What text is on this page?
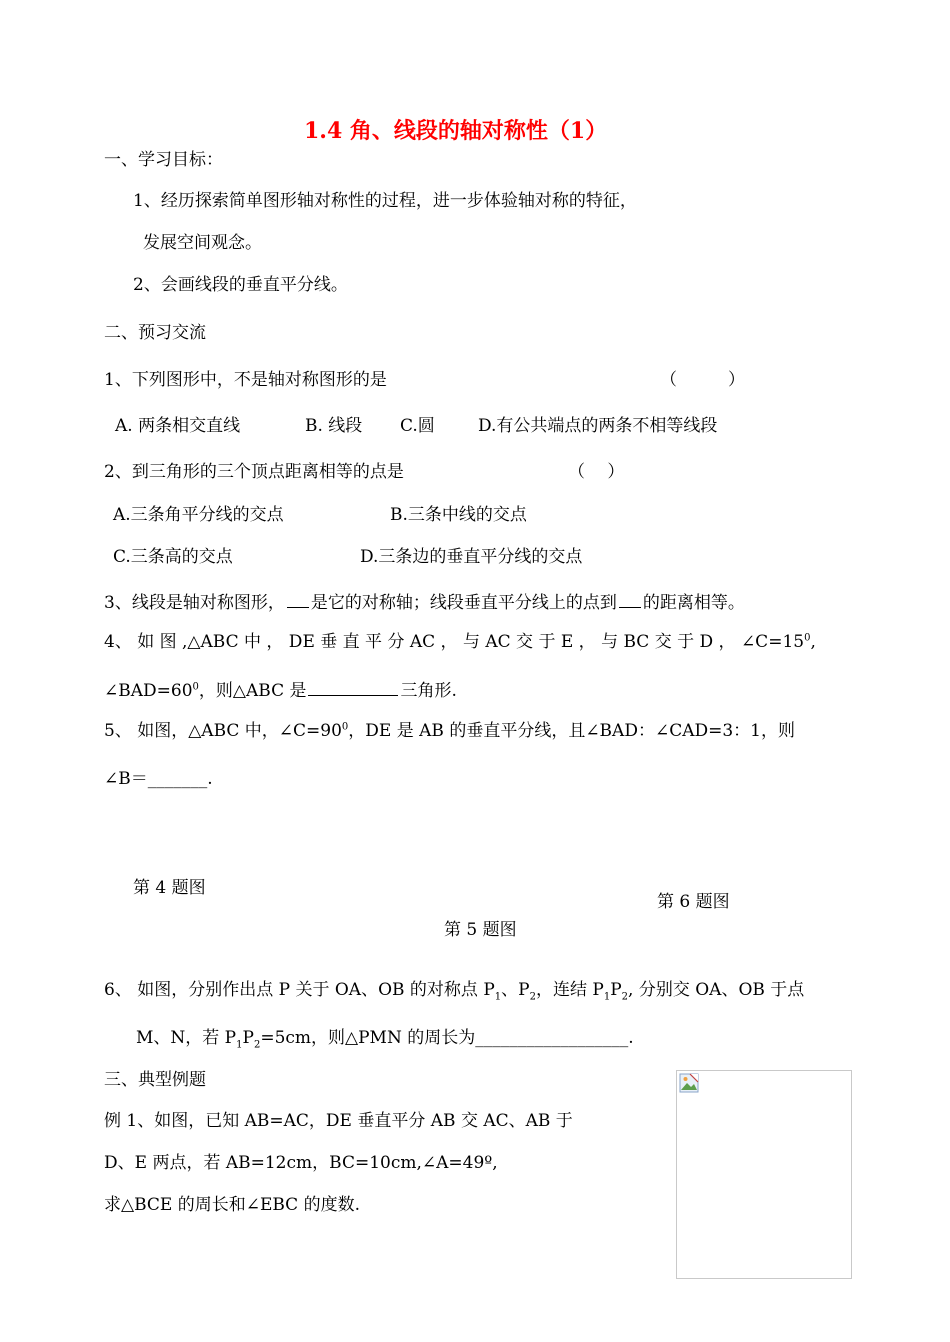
1.4 角、线段的轴对称性（1）
一、学习目标：
1、经历探索简单图形轴对称性的过程，进一步体验轴对称的特征，
发展空间观念。
2、会画线段的垂直平分线。
二、预习交流
1、下列图形中，不是轴对称图形的是	（　　　）
A. 两条相交直线	B. 线段 C.圆	D.有公共端点的两条不相等线段
2、到三角形的三个顶点距离相等的点是	（　 ）
A.三条角平分线的交点	B.三条中线的交点
C.三条高的交点	D.三条边的垂直平分线的交点
3、线段是轴对称图形， 是它的对称轴；线段垂直平分线上的点到 的距离相等。
4、 如 图 ,△ABC 中 ， DE 垂 直 平 分 AC ， 与 AC 交 于 E ， 与 BC 交 于 D ， $\angle C=15^0$,
$\angle BAD=60^0$，则△ABC 是	三角形.
5、 如图，△ABC 中，$\angle C=90^0$，DE 是 AB 的垂直平分线，且∠BAD：∠CAD=3：1，则
∠B＝_______.
第 4 题图
第 6 题图
第 5 题图
6、 如图，分别作出点 P 关于 OA、OB 的对称点 $P_1$、$P_2$，连结 $P_1P_2$, 分别交 OA、OB 于点
M、N，若 $P_1P_2=5cm$，则△PMN 的周长为__________________.
三、典型例题
例 1、如图，已知 AB=AC，DE 垂直平分 AB 交 AC、AB 于
D、E 两点，若 AB=12cm，BC=10cm,∠A=49º,
求△BCE 的周长和∠EBC 的度数.
